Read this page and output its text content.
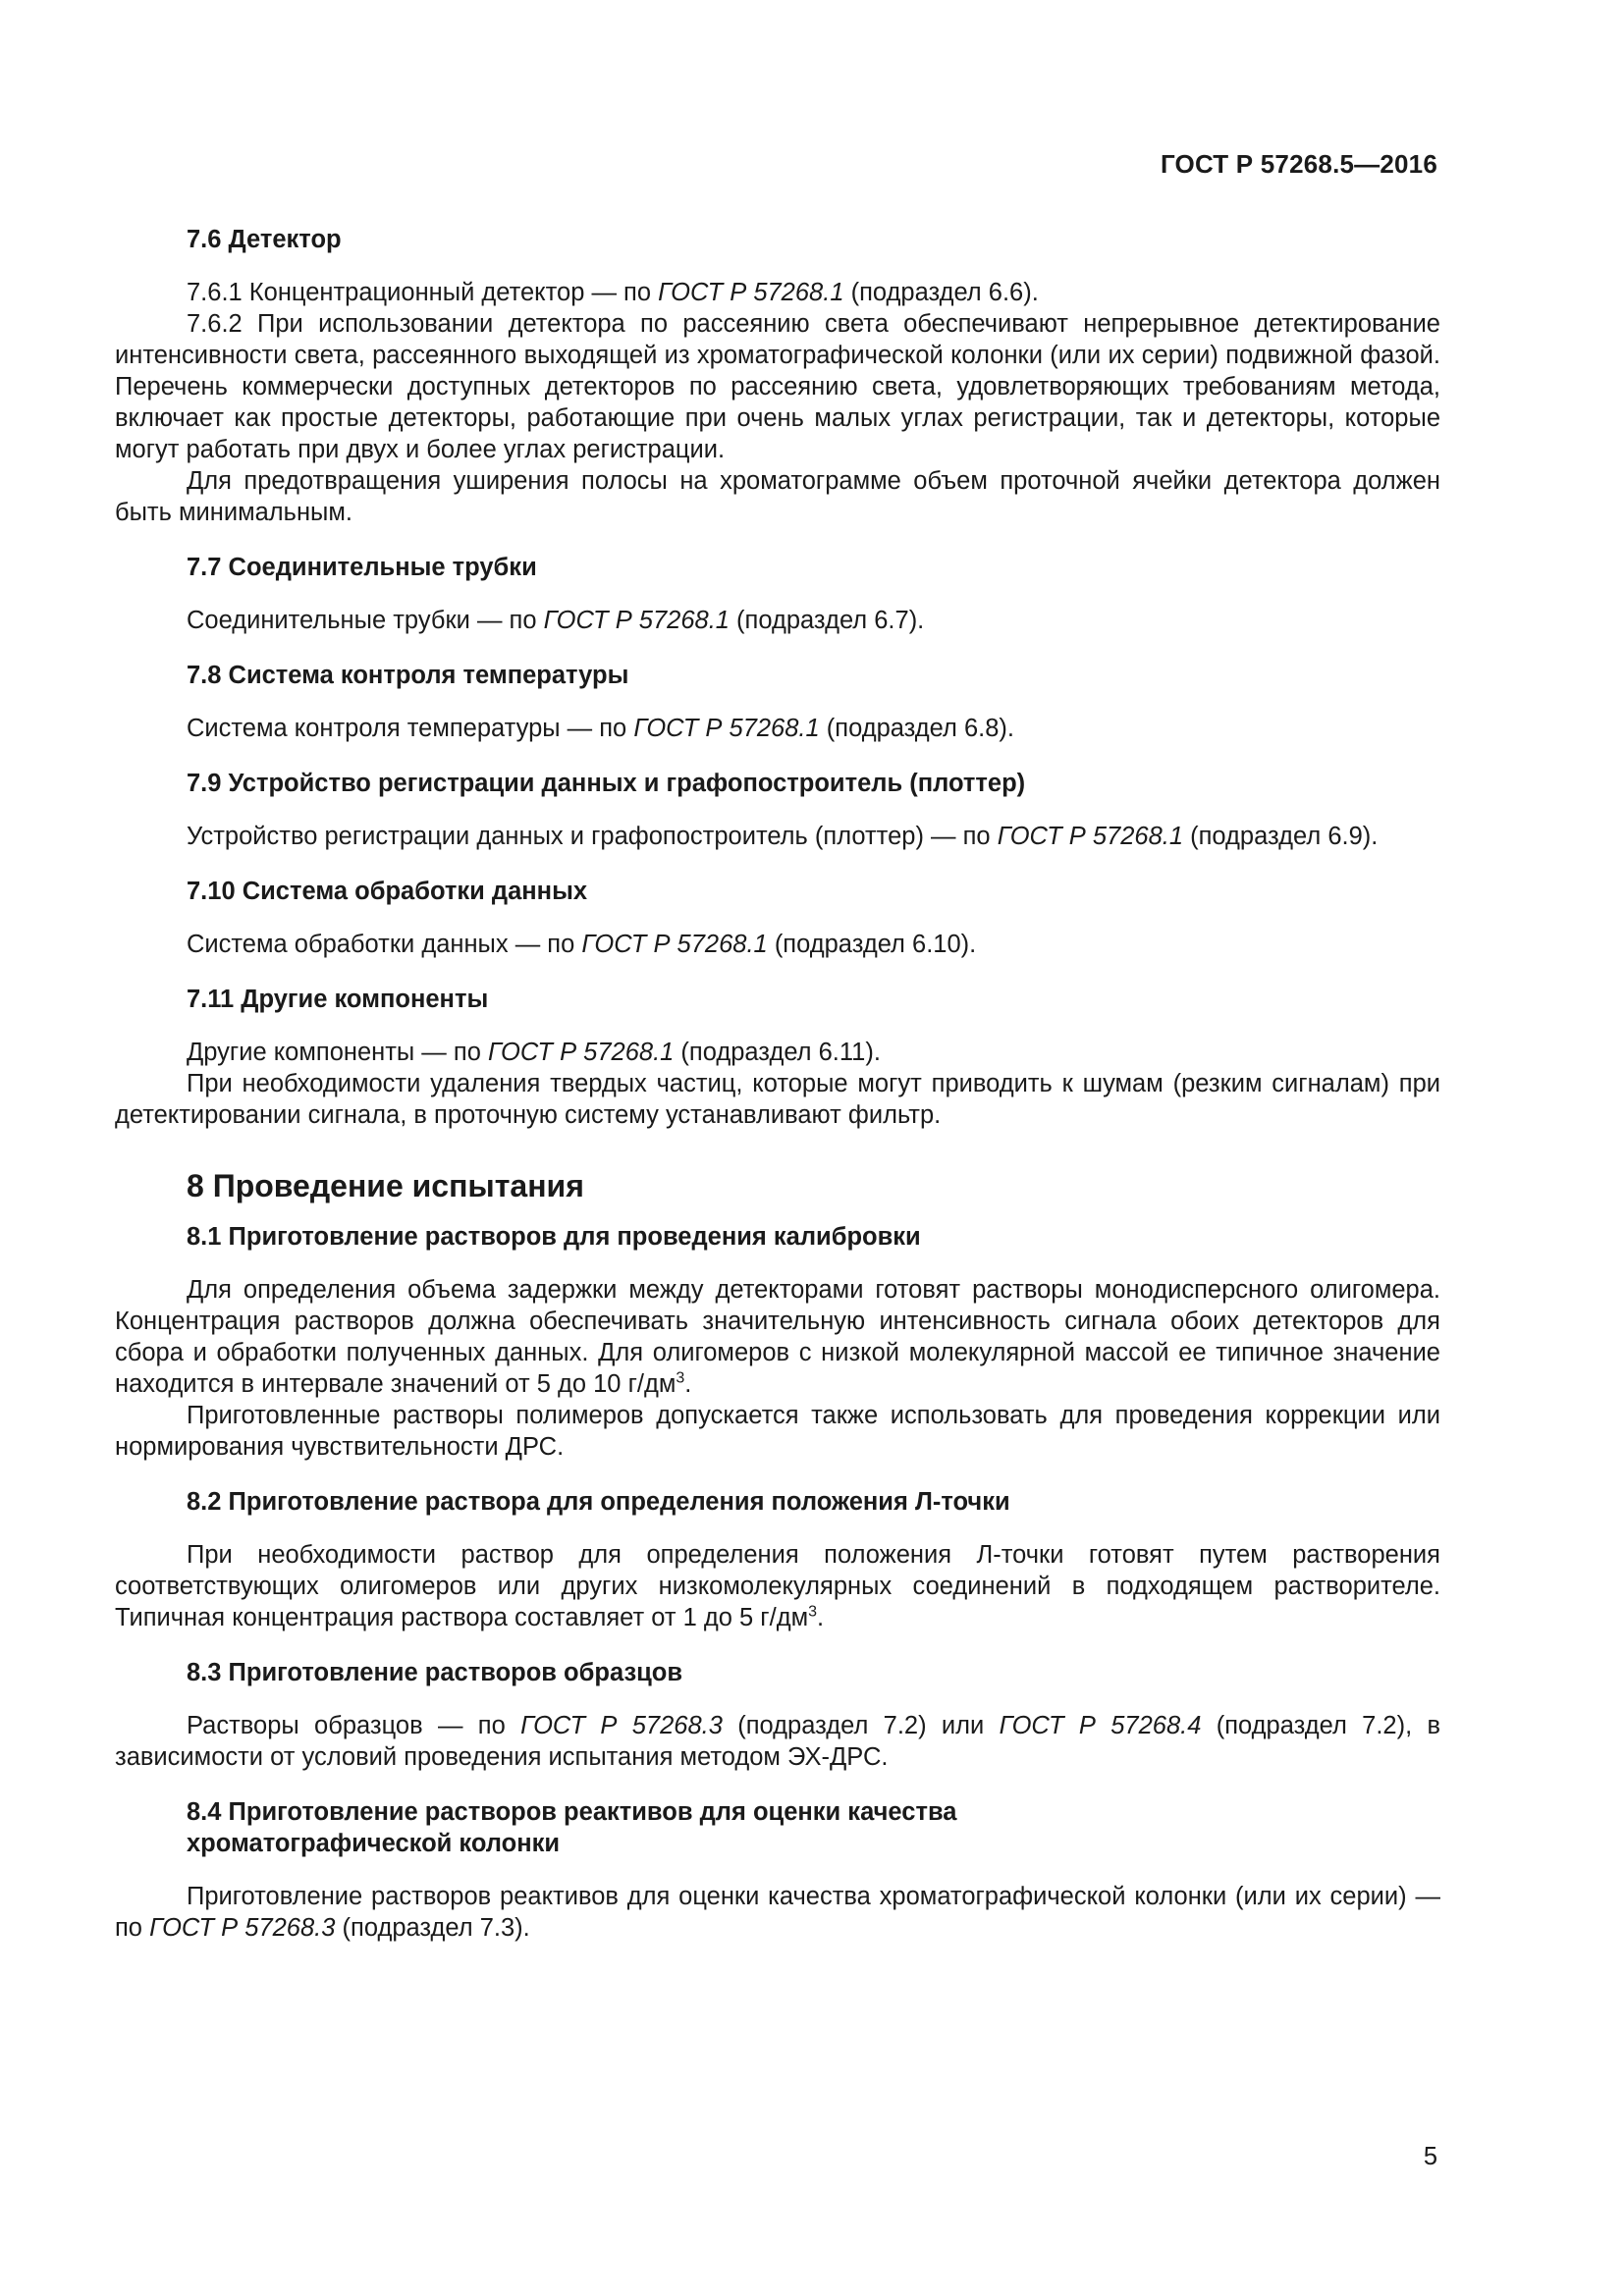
ГОСТ Р 57268.5—2016
7.6 Детектор

7.6.1 Концентрационный детектор — по ГОСТ Р 57268.1 (подраздел 6.6).

7.6.2 При использовании детектора по рассеянию света обеспечивают непрерывное детектирование интенсивности света, рассеянного выходящей из хроматографической колонки (или их серии) подвижной фазой. Перечень коммерчески доступных детекторов по рассеянию света, удовлетворяющих требованиям метода, включает как простые детекторы, работающие при очень малых углах регистрации, так и детекторы, которые могут работать при двух и более углах регистрации.

Для предотвращения уширения полосы на хроматограмме объем проточной ячейки детектора должен быть минимальным.

7.7 Соединительные трубки

Соединительные трубки — по ГОСТ Р 57268.1 (подраздел 6.7).

7.8 Система контроля температуры

Система контроля температуры — по ГОСТ Р 57268.1 (подраздел 6.8).

7.9 Устройство регистрации данных и графопостроитель (плоттер)

Устройство регистрации данных и графопостроитель (плоттер) — по ГОСТ Р 57268.1 (подраздел 6.9).

7.10 Система обработки данных

Система обработки данных — по ГОСТ Р 57268.1 (подраздел 6.10).

7.11 Другие компоненты

Другие компоненты — по ГОСТ Р 57268.1 (подраздел 6.11).

При необходимости удаления твердых частиц, которые могут приводить к шумам (резким сигналам) при детектировании сигнала, в проточную систему устанавливают фильтр.

8 Проведение испытания
8.1 Приготовление растворов для проведения калибровки

Для определения объема задержки между детекторами готовят растворы монодисперсного олигомера. Концентрация растворов должна обеспечивать значительную интенсивность сигнала обоих детекторов для сбора и обработки полученных данных. Для олигомеров с низкой молекулярной массой ее типичное значение находится в интервале значений от 5 до 10 $г/дм^3$.

Приготовленные растворы полимеров допускается также использовать для проведения коррекции или нормирования чувствительности ДРС.

8.2 Приготовление раствора для определения положения Л-точки

При необходимости раствор для определения положения Л-точки готовят путем растворения соответствующих олигомеров или других низкомолекулярных соединений в подходящем растворителе. Типичная концентрация раствора составляет от 1 до 5 $г/дм^3$.

8.3 Приготовление растворов образцов

Растворы образцов — по ГОСТ Р 57268.3 (подраздел 7.2) или ГОСТ Р 57268.4 (подраздел 7.2), в зависимости от условий проведения испытания методом ЭХ-ДРС.

8.4 Приготовление растворов реактивов для оценки качества хроматографической колонки

Приготовление растворов реактивов для оценки качества хроматографической колонки (или их серии) — по ГОСТ Р 57268.3 (подраздел 7.3).

5
